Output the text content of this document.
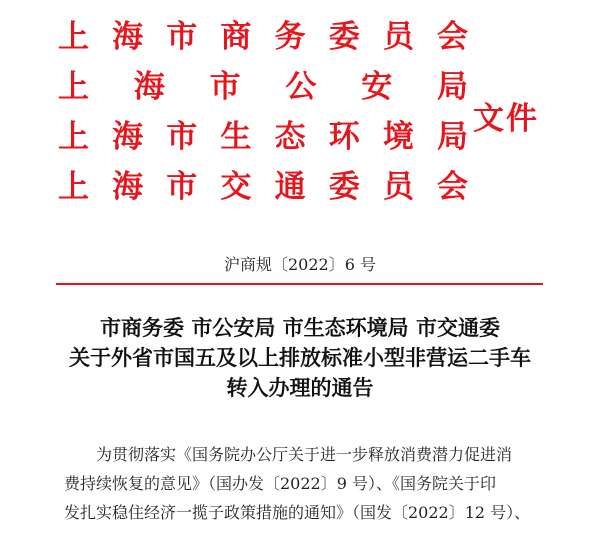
上 海 市 商 务 委 员 会
上 海 市 公 安 局
上 海 市 生 态 环 境 局
上 海 市 交 通 委 员 会
文件
沪商规〔2022〕6 号
市商务委 市公安局 市生态环境局 市交通委
关于外省市国五及以上排放标准小型非营运二手车
转入办理的通告
为贯彻落实《国务院办公厅关于进一步释放消费潜力促进消
费持续恢复的意见》（国办发〔2022〕9 号）、《国务院关于印
发扎实稳住经济一揽子政策措施的通知》（国发〔2022〕12 号）、
